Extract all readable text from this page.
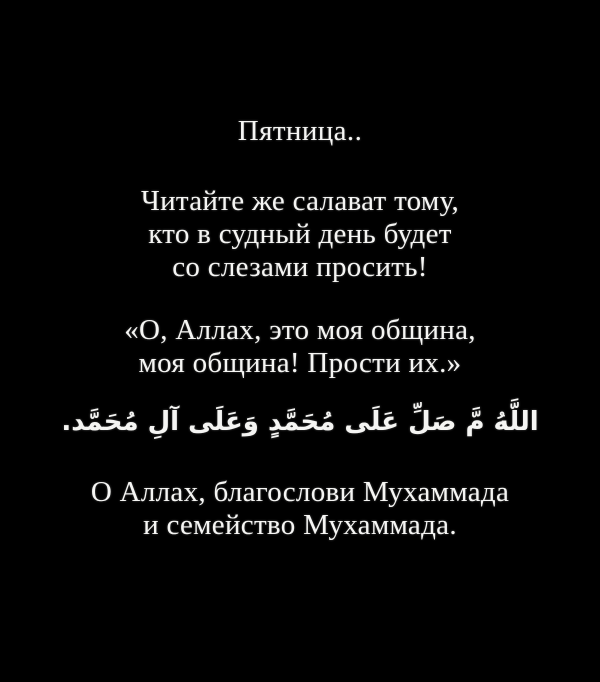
Пятница..

Читайте же салават тому,

кто в судный день будет

со слезами просить!

«О, Аллах, это моя община,

моя община! Прости их.»

اللَّهُ مَّ صَلِّ عَلَى مُحَمَّدٍ وَعَلَى آلِ مُحَمَّد.

О Аллах, благослови Мухаммада

и семейство Мухаммада.
